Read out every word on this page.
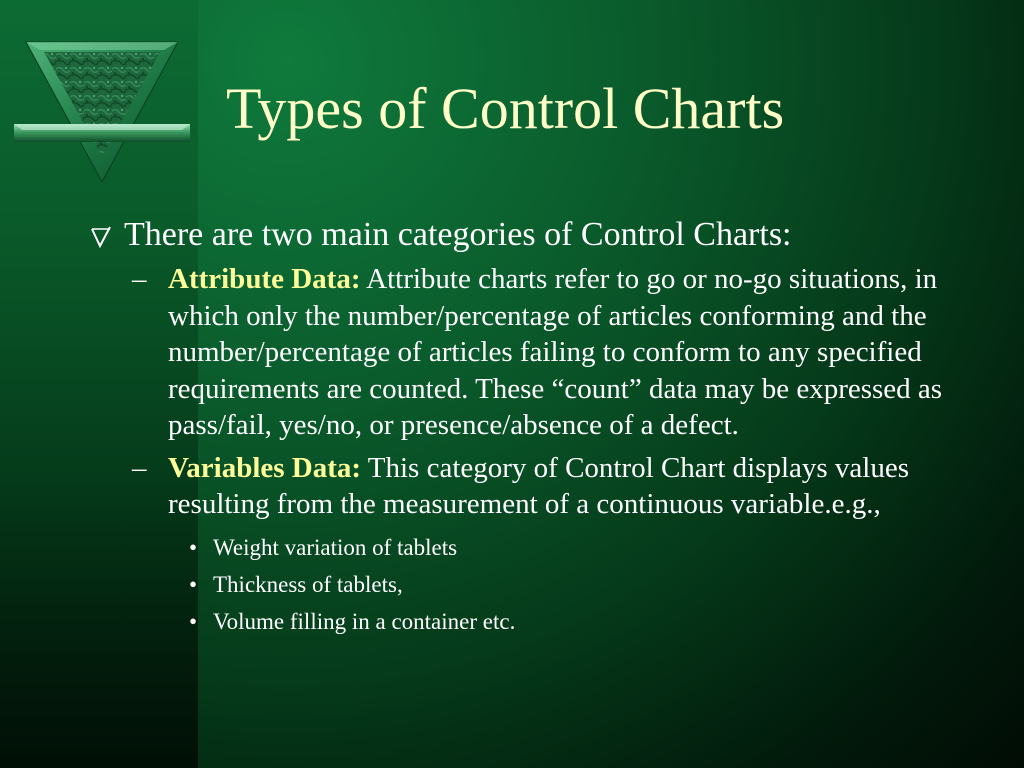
Types of Control Charts
There are two main categories of Control Charts:
– Attribute Data: Attribute charts refer to go or no-go situations, in which only the number/percentage of articles conforming and the number/percentage of articles failing to conform to any specified requirements are counted. These “count” data may be expressed as pass/fail, yes/no, or presence/absence of a defect.
– Variables Data: This category of Control Chart displays values resulting from the measurement of a continuous variable.e.g.,
• Weight variation of tablets
• Thickness of tablets,
• Volume filling in a container etc.
